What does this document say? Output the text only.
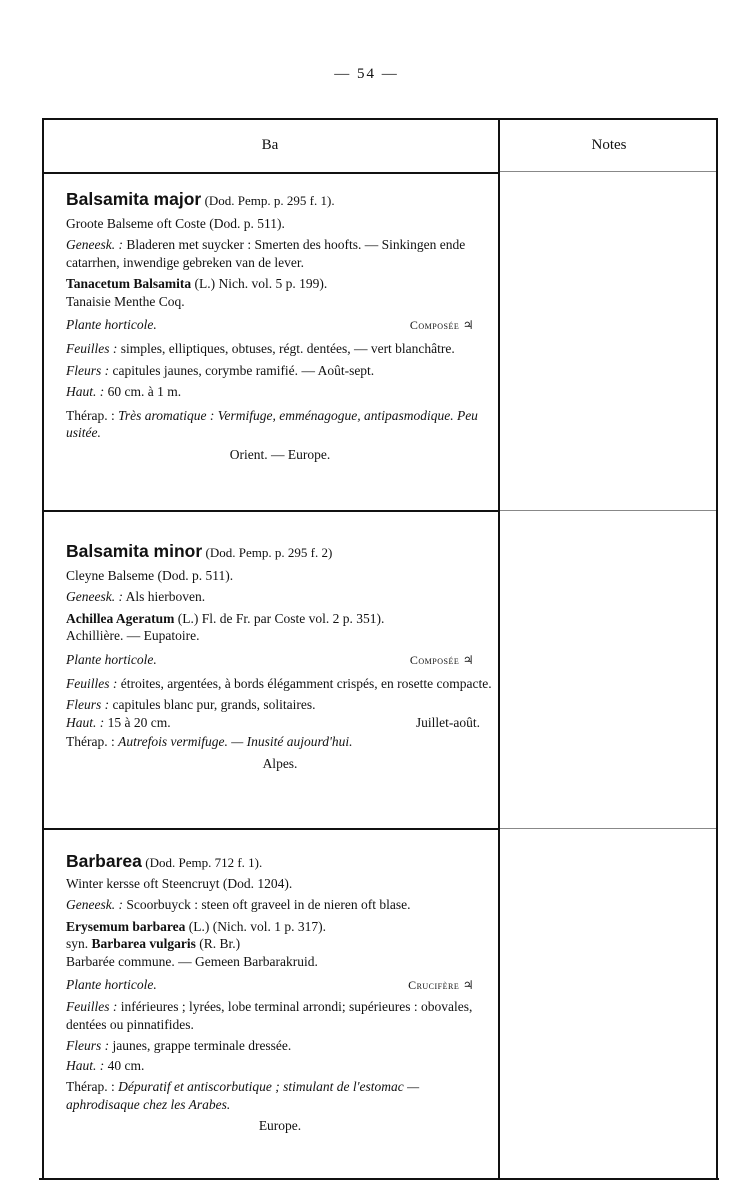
— 54 —
Ba	Notes

Balsamita major (Dod. Pemp. p. 295 f. 1).

Groote Balseme oft Coste (Dod. p. 511).

Geneesk. : Bladeren met suycker : Smerten des hoofts. — Sinkingen ende catarrhen, inwendige gebreken van de lever.

Tanacetum Balsamita (L.) Nich. vol. 5 p. 199).

Tanaisie Menthe Coq.

Plante horticole.	Composée ♃

Feuilles : simples, elliptiques, obtuses, régt. dentées, — vert blanchâtre.

Fleurs : capitules jaunes, corymbe ramifié. — Août-sept.

Haut. : 60 cm. à 1 m.

Thérap. : Très aromatique : Vermifuge, emménagogue, antipasmodique. Peu usitée.

Orient. — Europe.

Balsamita minor (Dod. Pemp. p. 295 f. 2)

Cleyne Balseme (Dod. p. 511).

Geneesk. : Als hierboven.

Achillea Ageratum (L.) Fl. de Fr. par Coste vol. 2 p. 351).

Achillière. — Eupatoire.

Plante horticole.	Composée ♃

Feuilles : étroites, argentées, à bords élégamment crispés, en rosette compacte.

Fleurs : capitules blanc pur, grands, solitaires.

Haut. : 15 à 20 cm.	Juillet-août.

Thérap. : Autrefois vermifuge. — Inusité aujourd'hui.

Alpes.

Barbarea (Dod. Pemp. 712 f. 1).

Winter kersse oft Steencruyt (Dod. 1204).

Geneesk. : Scoorbuyck : steen oft graveel in de nieren oft blase.

Erysemum barbarea (L.) (Nich. vol. 1 p. 317).

syn. Barbarea vulgaris (R. Br.)

Barbarée commune. — Gemeen Barbarakruid.

Plante horticole.	Crucifère ♃

Feuilles : inférieures ; lyrées, lobe terminal arrondi; supérieures : obovales, dentées ou pinnatifides.

Fleurs : jaunes, grappe terminale dressée.

Haut. : 40 cm.

Thérap. : Dépuratif et antiscorbutique ; stimulant de l'estomac — aphrodisaque chez les Arabes.

Europe.
